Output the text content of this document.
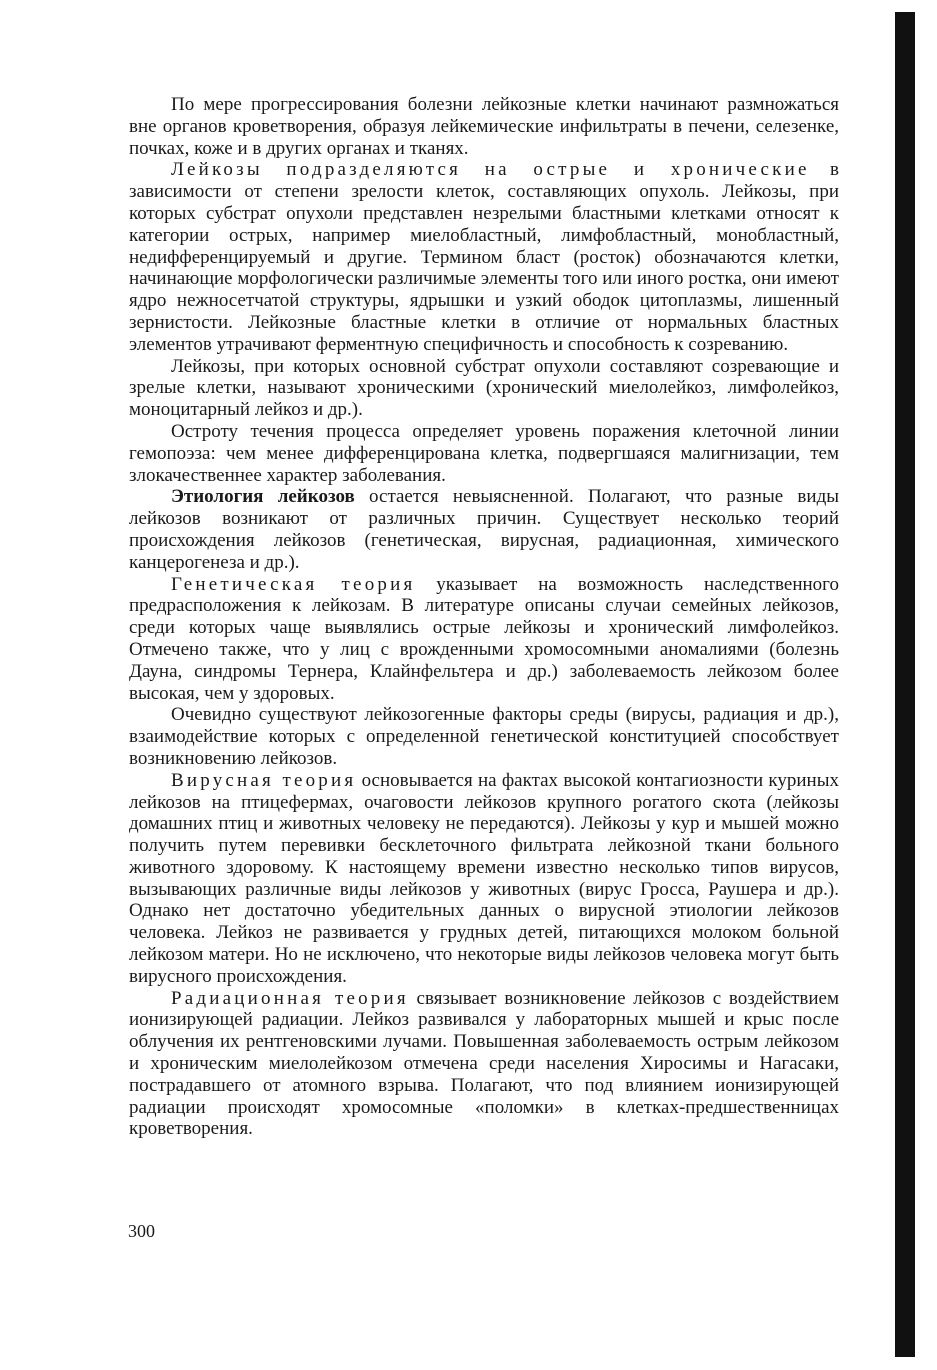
По мере прогрессирования болезни лейкозные клетки начинают размножаться вне органов кроветворения, образуя лейкемические инфильтраты в печени, селезенке, почках, коже и в других органах и тканях.

Лейкозы подразделяются на острые и хронические в зависимости от степени зрелости клеток, составляющих опухоль. Лейкозы, при которых субстрат опухоли представлен незрелыми бластными клетками относят к категории острых, например миелобластный, лимфобластный, монобластный, недифференцируемый и другие. Термином бласт (росток) обозначаются клетки, начинающие морфологически различимые элементы того или иного ростка, они имеют ядро нежносетчатой структуры, ядрышки и узкий ободок цитоплазмы, лишенный зернистости. Лейкозные бластные клетки в отличие от нормальных бластных элементов утрачивают ферментную специфичность и способность к созреванию.

Лейкозы, при которых основной субстрат опухоли составляют созревающие и зрелые клетки, называют хроническими (хронический миелолейкоз, лимфолейкоз, моноцитарный лейкоз и др.).

Остроту течения процесса определяет уровень поражения клеточной линии гемопоэза: чем менее дифференцирована клетка, подвергшаяся малигнизации, тем злокачественнее характер заболевания.

Этиология лейкозов остается невыясненной. Полагают, что разные виды лейкозов возникают от различных причин. Существует несколько теорий происхождения лейкозов (генетическая, вирусная, радиационная, химического канцерогенеза и др.).

Генетическая теория указывает на возможность наследственного предрасположения к лейкозам. В литературе описаны случаи семейных лейкозов, среди которых чаще выявлялись острые лейкозы и хронический лимфолейкоз. Отмечено также, что у лиц с врожденными хромосомными аномалиями (болезнь Дауна, синдромы Тернера, Клайнфельтера и др.) заболеваемость лейкозом более высокая, чем у здоровых.

Очевидно существуют лейкозогенные факторы среды (вирусы, радиация и др.), взаимодействие которых с определенной генетической конституцией способствует возникновению лейкозов.

Вирусная теория основывается на фактах высокой контагиозности куриных лейкозов на птицефермах, очаговости лейкозов крупного рогатого скота (лейкозы домашних птиц и животных человеку не передаются). Лейкозы у кур и мышей можно получить путем перевивки бесклеточного фильтрата лейкозной ткани больного животного здоровому. К настоящему времени известно несколько типов вирусов, вызывающих различные виды лейкозов у животных (вирус Гросса, Раушера и др.). Однако нет достаточно убедительных данных о вирусной этиологии лейкозов человека. Лейкоз не развивается у грудных детей, питающихся молоком больной лейкозом матери. Но не исключено, что некоторые виды лейкозов человека могут быть вирусного происхождения.

Радиационная теория связывает возникновение лейкозов с воздействием ионизирующей радиации. Лейкоз развивался у лабораторных мышей и крыс после облучения их рентгеновскими лучами. Повышенная заболеваемость острым лейкозом и хроническим миелолейкозом отмечена среди населения Хиросимы и Нагасаки, пострадавшего от атомного взрыва. Полагают, что под влиянием ионизирующей радиации происходят хромосомные «поломки» в клетках-предшественницах кроветворения.

300
